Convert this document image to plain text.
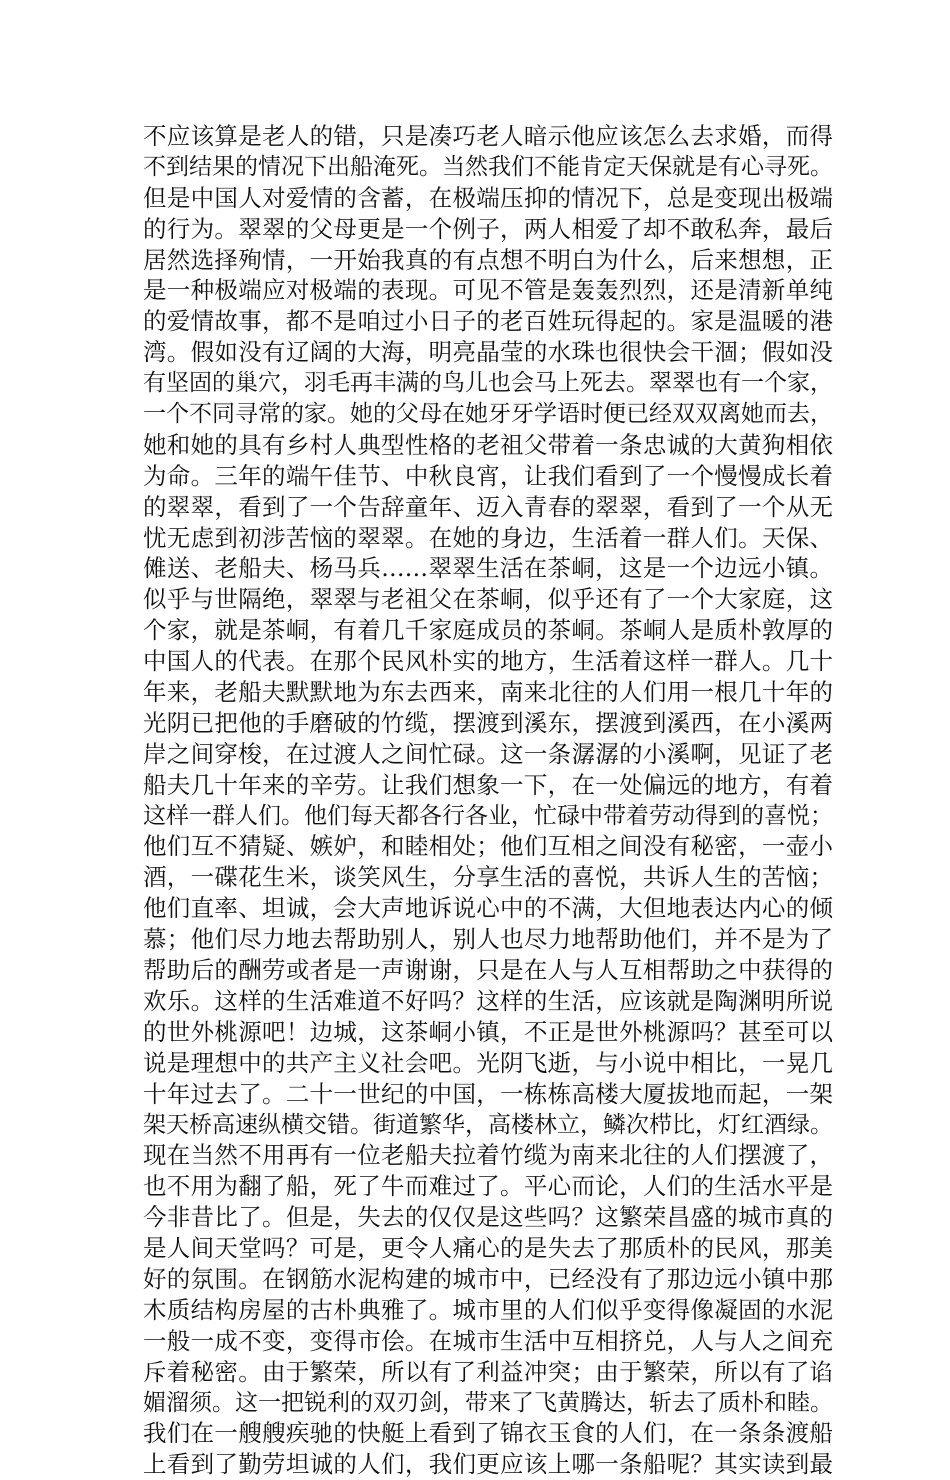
不应该算是老人的错，只是凑巧老人暗示他应该怎么去求婚，而得
不到结果的情况下出船淹死。当然我们不能肯定天保就是有心寻死。
但是中国人对爱情的含蓄，在极端压抑的情况下，总是变现出极端
的行为。翠翠的父母更是一个例子，两人相爱了却不敢私奔，最后
居然选择殉情，一开始我真的有点想不明白为什么，后来想想，正
是一种极端应对极端的表现。可见不管是轰轰烈烈，还是清新单纯
的爱情故事，都不是咱过小日子的老百姓玩得起的。家是温暖的港
湾。假如没有辽阔的大海，明亮晶莹的水珠也很快会干涸；假如没
有坚固的巢穴，羽毛再丰满的鸟儿也会马上死去。翠翠也有一个家，
一个不同寻常的家。她的父母在她牙牙学语时便已经双双离她而去，
她和她的具有乡村人典型性格的老祖父带着一条忠诚的大黄狗相依
为命。三年的端午佳节、中秋良宵，让我们看到了一个慢慢成长着
的翠翠，看到了一个告辞童年、迈入青春的翠翠，看到了一个从无
忧无虑到初涉苦恼的翠翠。在她的身边，生活着一群人们。天保、
傩送、老船夫、杨马兵……翠翠生活在茶峒，这是一个边远小镇。
似乎与世隔绝，翠翠与老祖父在茶峒，似乎还有了一个大家庭，这
个家，就是茶峒，有着几千家庭成员的茶峒。茶峒人是质朴敦厚的
中国人的代表。在那个民风朴实的地方，生活着这样一群人。几十
年来，老船夫默默地为东去西来，南来北往的人们用一根几十年的
光阴已把他的手磨破的竹缆，摆渡到溪东，摆渡到溪西，在小溪两
岸之间穿梭，在过渡人之间忙碌。这一条潺潺的小溪啊，见证了老
船夫几十年来的辛劳。让我们想象一下，在一处偏远的地方，有着
这样一群人们。他们每天都各行各业，忙碌中带着劳动得到的喜悦；
他们互不猜疑、嫉妒，和睦相处；他们互相之间没有秘密，一壶小
酒，一碟花生米，谈笑风生，分享生活的喜悦，共诉人生的苦恼；
他们直率、坦诚，会大声地诉说心中的不满，大但地表达内心的倾
慕；他们尽力地去帮助别人，别人也尽力地帮助他们，并不是为了
帮助后的酬劳或者是一声谢谢，只是在人与人互相帮助之中获得的
欢乐。这样的生活难道不好吗？这样的生活，应该就是陶渊明所说
的世外桃源吧！边城，这茶峒小镇，不正是世外桃源吗？甚至可以
说是理想中的共产主义社会吧。光阴飞逝，与小说中相比，一晃几
十年过去了。二十一世纪的中国，一栋栋高楼大厦拔地而起，一架
架天桥高速纵横交错。街道繁华，高楼林立，鳞次栉比，灯红酒绿。
现在当然不用再有一位老船夫拉着竹缆为南来北往的人们摆渡了，
也不用为翻了船，死了牛而难过了。平心而论，人们的生活水平是
今非昔比了。但是，失去的仅仅是这些吗？这繁荣昌盛的城市真的
是人间天堂吗？可是，更令人痛心的是失去了那质朴的民风，那美
好的氛围。在钢筋水泥构建的城市中，已经没有了那边远小镇中那
木质结构房屋的古朴典雅了。城市里的人们似乎变得像凝固的水泥
一般一成不变，变得市侩。在城市生活中互相挤兑，人与人之间充
斥着秘密。由于繁荣，所以有了利益冲突；由于繁荣，所以有了谄
媚溜须。这一把锐利的双刃剑，带来了飞黄腾达，斩去了质朴和睦。
我们在一艘艘疾驰的快艇上看到了锦衣玉食的人们，在一条条渡船
上看到了勤劳坦诚的人们，我们更应该上哪一条船呢？其实读到最
